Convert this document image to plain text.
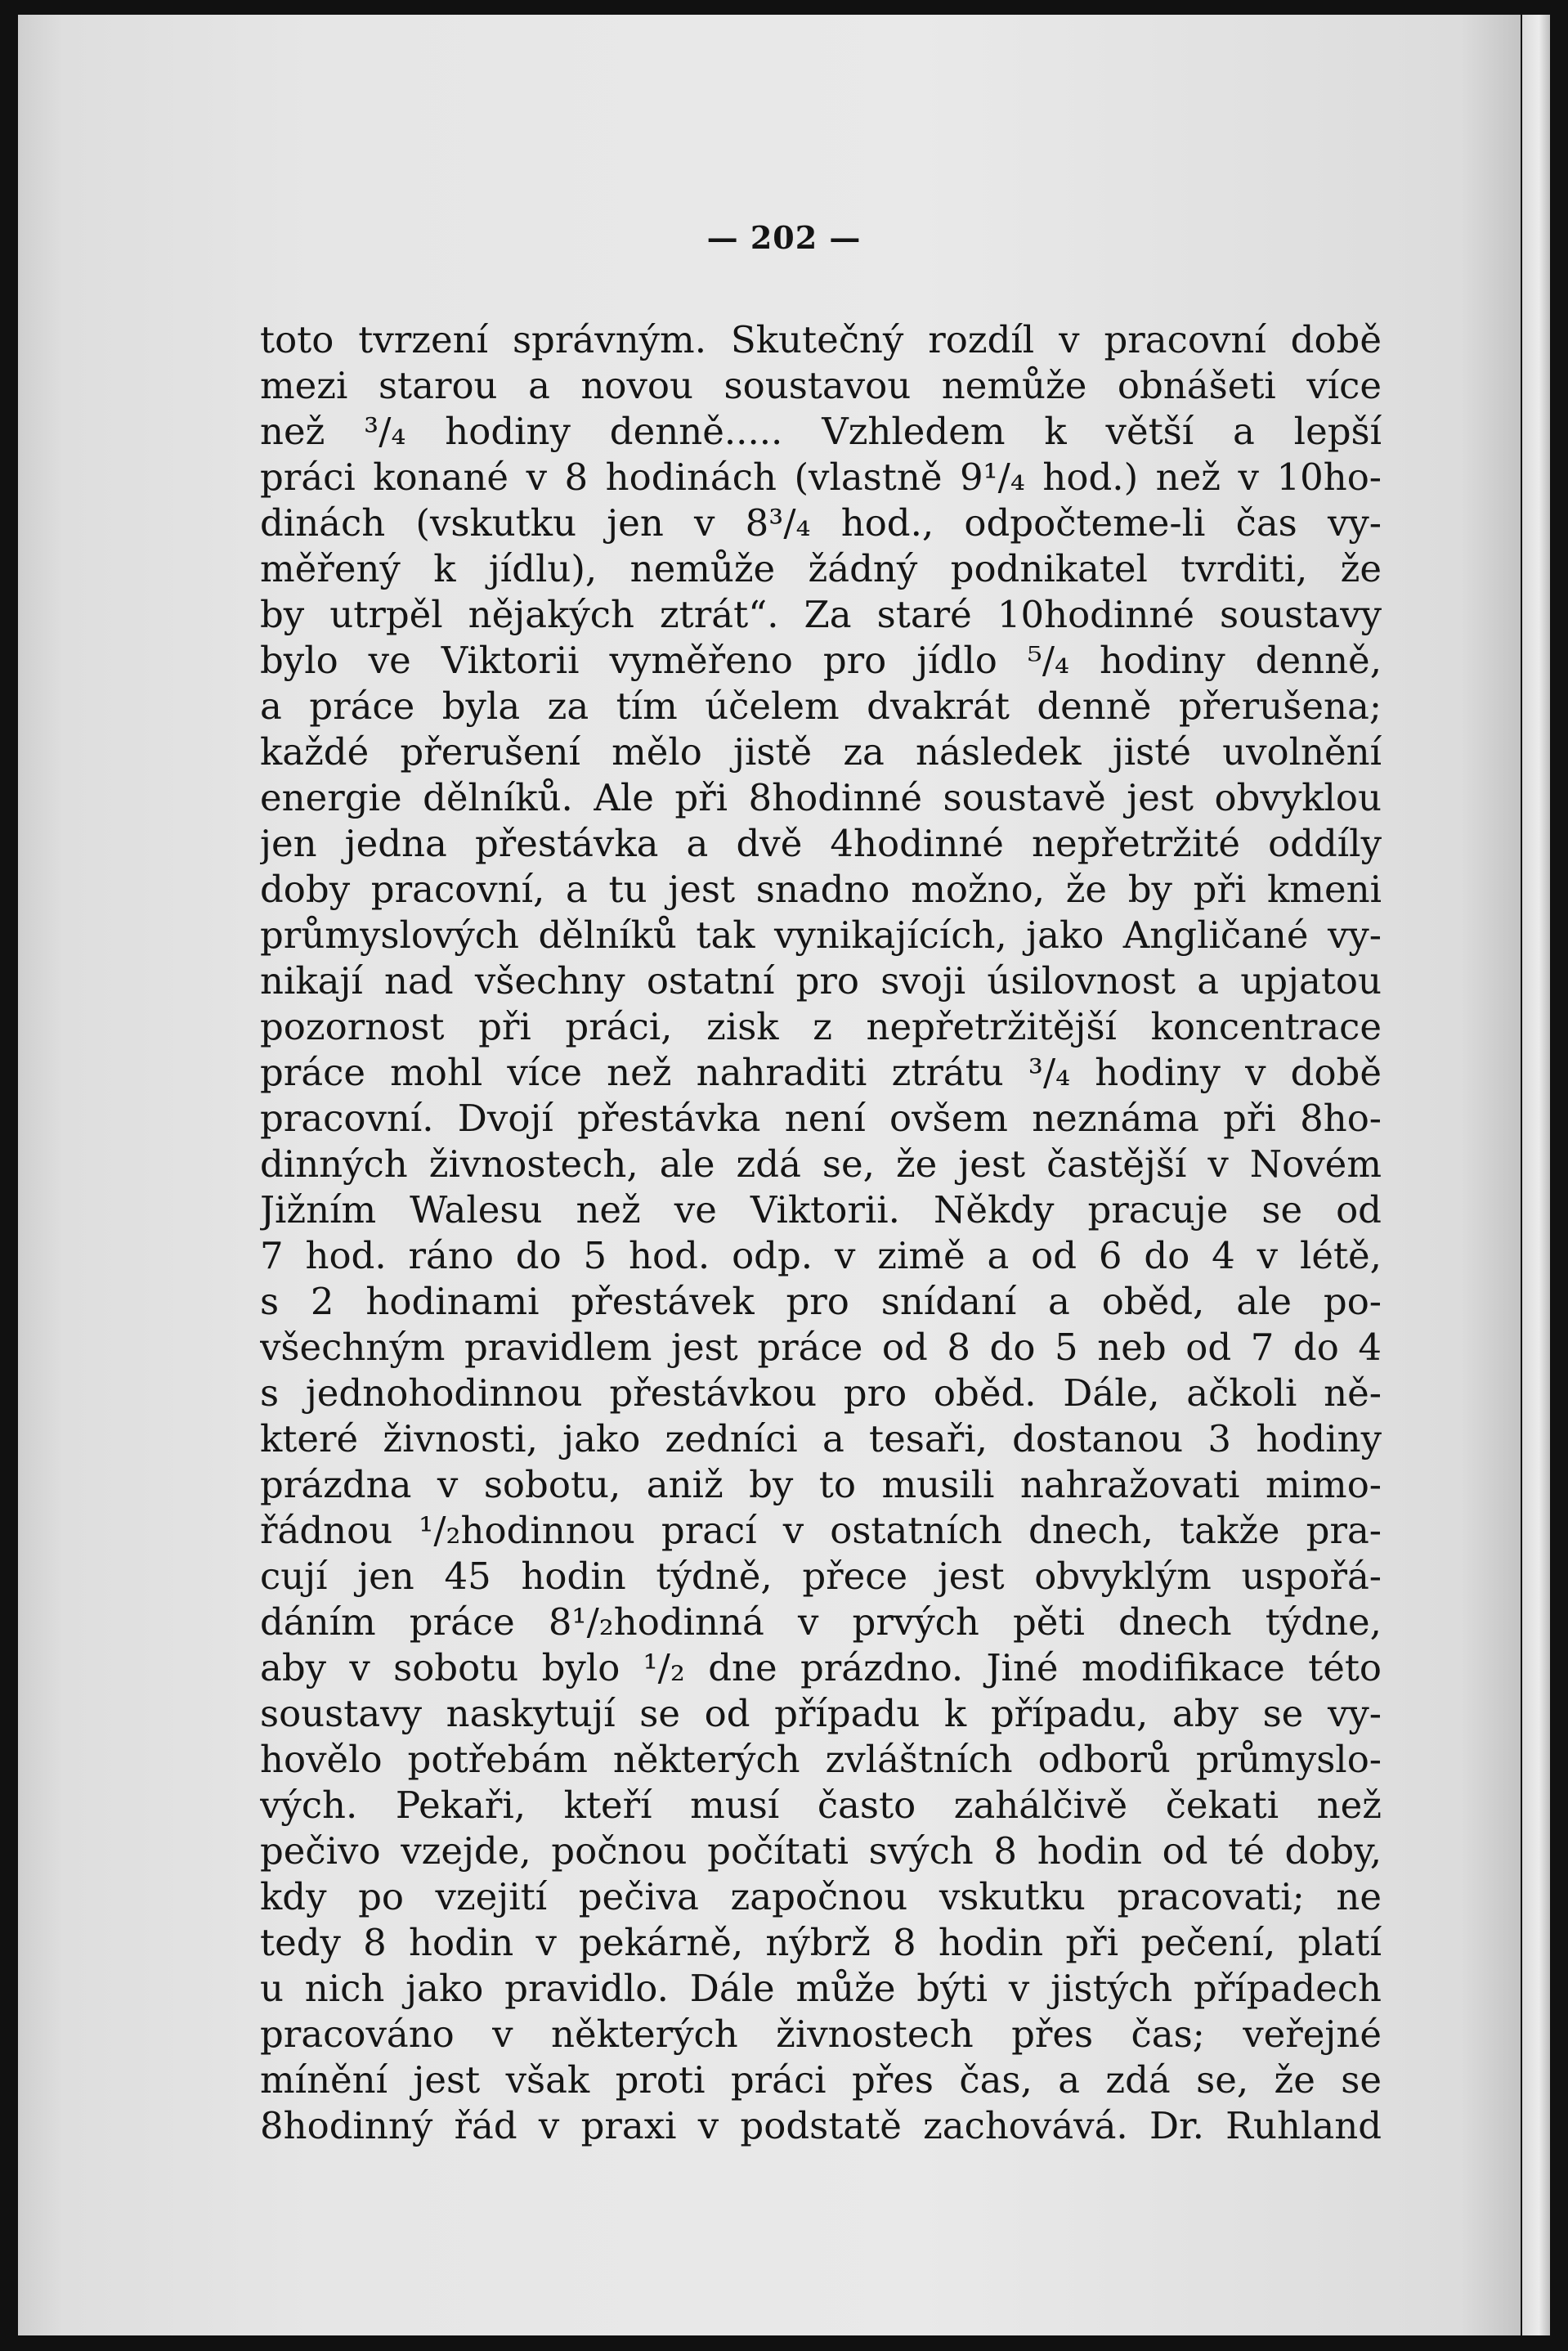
— 202 —
toto tvrzení správným. Skutečný rozdíl v pracovní době
mezi starou a novou soustavou nemůže obnášeti více
než ³/₄ hodiny denně..... Vzhledem k větší a lepší
práci konané v 8 hodinách (vlastně 9¹/₄ hod.) než v 10ho-
dinách (vskutku jen v 8³/₄ hod., odpočteme-li čas vy-
měřený k jídlu), nemůže žádný podnikatel tvrditi, že
by utrpěl nějakých ztrát“. Za staré 10hodinné soustavy
bylo ve Viktorii vyměřeno pro jídlo ⁵/₄ hodiny denně,
a práce byla za tím účelem dvakrát denně přerušena;
každé přerušení mělo jistě za následek jisté uvolnění
energie dělníků. Ale při 8hodinné soustavě jest obvyklou
jen jedna přestávka a dvě 4hodinné nepřetržité oddíly
doby pracovní, a tu jest snadno možno, že by při kmeni
průmyslových dělníků tak vynikajících, jako Angličané vy-
nikají nad všechny ostatní pro svoji úsilovnost a upjatou
pozornost při práci, zisk z nepřetržitější koncentrace
práce mohl více než nahraditi ztrátu ³/₄ hodiny v době
pracovní. Dvojí přestávka není ovšem neznáma při 8ho-
dinných živnostech, ale zdá se, že jest častější v Novém
Jižním Walesu než ve Viktorii. Někdy pracuje se od
7 hod. ráno do 5 hod. odp. v zimě a od 6 do 4 v létě,
s 2 hodinami přestávek pro snídaní a oběd, ale po-
všechným pravidlem jest práce od 8 do 5 neb od 7 do 4
s jednohodinnou přestávkou pro oběd. Dále, ačkoli ně-
které živnosti, jako zedníci a tesaři, dostanou 3 hodiny
prázdna v sobotu, aniž by to musili nahražovati mimo-
řádnou ¹/₂hodinnou prací v ostatních dnech, takže pra-
cují jen 45 hodin týdně, přece jest obvyklým uspořá-
dáním práce 8¹/₂hodinná v prvých pěti dnech týdne,
aby v sobotu bylo ¹/₂ dne prázdno. Jiné modifikace této
soustavy naskytují se od případu k případu, aby se vy-
hovělo potřebám některých zvláštních odborů průmyslo-
vých. Pekaři, kteří musí často zahálčivě čekati než
pečivo vzejde, počnou počítati svých 8 hodin od té doby,
kdy po vzejití pečiva započnou vskutku pracovati; ne
tedy 8 hodin v pekárně, nýbrž 8 hodin při pečení, platí
u nich jako pravidlo. Dále může býti v jistých případech
pracováno v některých živnostech přes čas; veřejné
mínění jest však proti práci přes čas, a zdá se, že se
8hodinný řád v praxi v podstatě zachovává. Dr. Ruhland
